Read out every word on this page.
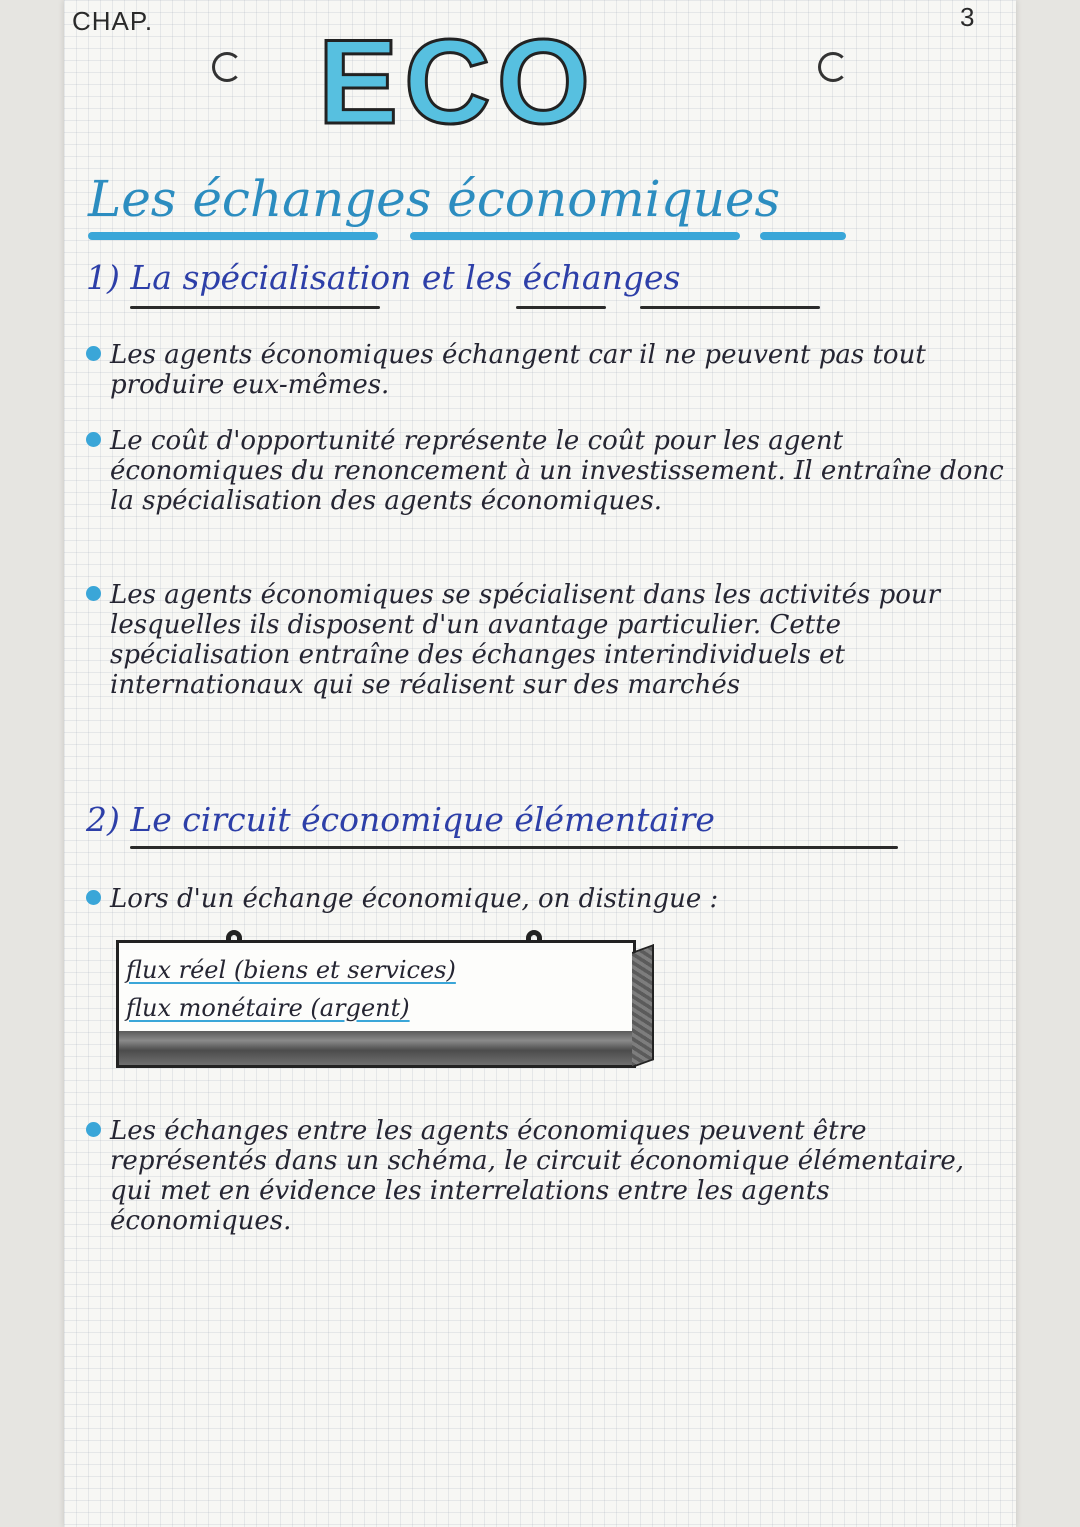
CHAP.	3
ECO
Les échanges économiques
1) La spécialisation et les échanges
Les agents économiques échangent car il ne peuvent pas tout produire eux-mêmes.
Le coût d'opportunité représente le coût pour les agent économiques du renoncement à un investissement. Il entraîne donc la spécialisation des agents économiques.
Les agents économiques se spécialisent dans les activités pour lesquelles ils disposent d'un avantage particulier. Cette spécialisation entraîne des échanges interindividuels et internationaux qui se réalisent sur des marchés
2) Le circuit économique élémentaire
Lors d'un échange économique, on distingue :
flux réel (biens et services)
flux monétaire (argent)
Les échanges entre les agents économiques peuvent être représentés dans un schéma, le circuit économique élémentaire, qui met en évidence les interrelations entre les agents économiques.
